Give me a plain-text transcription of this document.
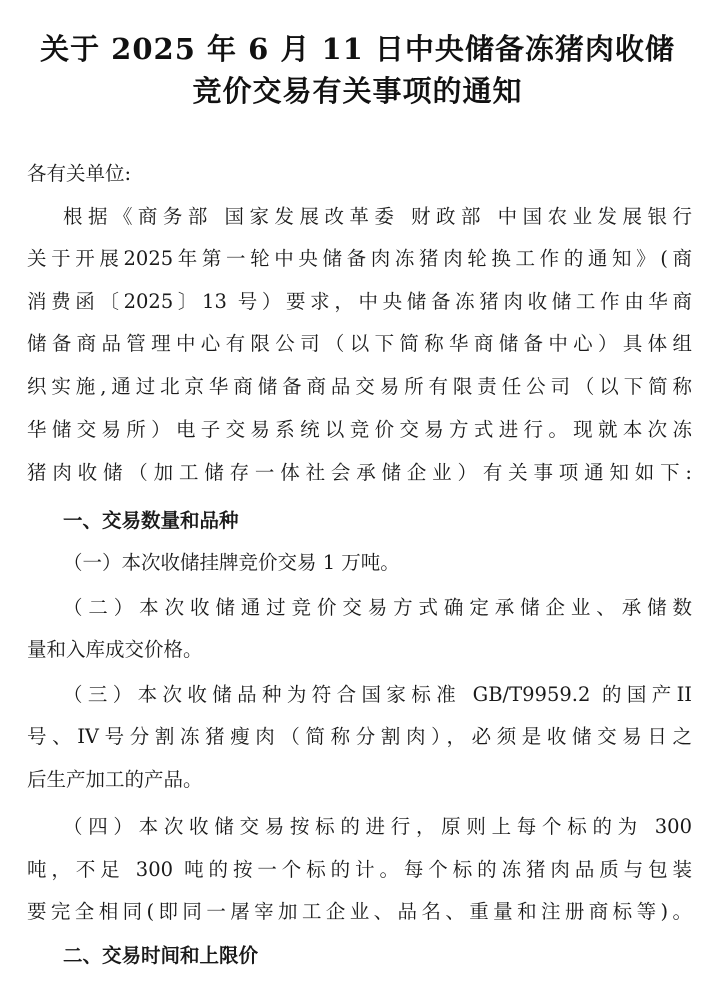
关于 2025 年 6 月 11 日中央储备冻猪肉收储
竞价交易有关事项的通知
各有关单位:
根据《商务部 国家发展改革委 财政部 中国农业发展银行
关于开展2025年第一轮中央储备肉冻猪肉轮换工作的通知》(商
消费函〔2025〕13 号）要求，中央储备冻猪肉收储工作由华商
储备商品管理中心有限公司（以下简称华商储备中心）具体组
织实施,通过北京华商储备商品交易所有限责任公司（以下简称
华储交易所）电子交易系统以竞价交易方式进行。现就本次冻
猪肉收储（加工储存一体社会承储企业）有关事项通知如下:
一、交易数量和品种
（一）本次收储挂牌竞价交易 1 万吨。
（二）本次收储通过竞价交易方式确定承储企业、承储数
量和入库成交价格。
（三）本次收储品种为符合国家标准 GB/T9959.2 的国产II
号、IV号分割冻猪瘦肉（简称分割肉），必须是收储交易日之
后生产加工的产品。
（四）本次收储交易按标的进行，原则上每个标的为 300
吨，不足 300 吨的按一个标的计。每个标的冻猪肉品质与包装
要完全相同(即同一屠宰加工企业、品名、重量和注册商标等)。
二、交易时间和上限价
